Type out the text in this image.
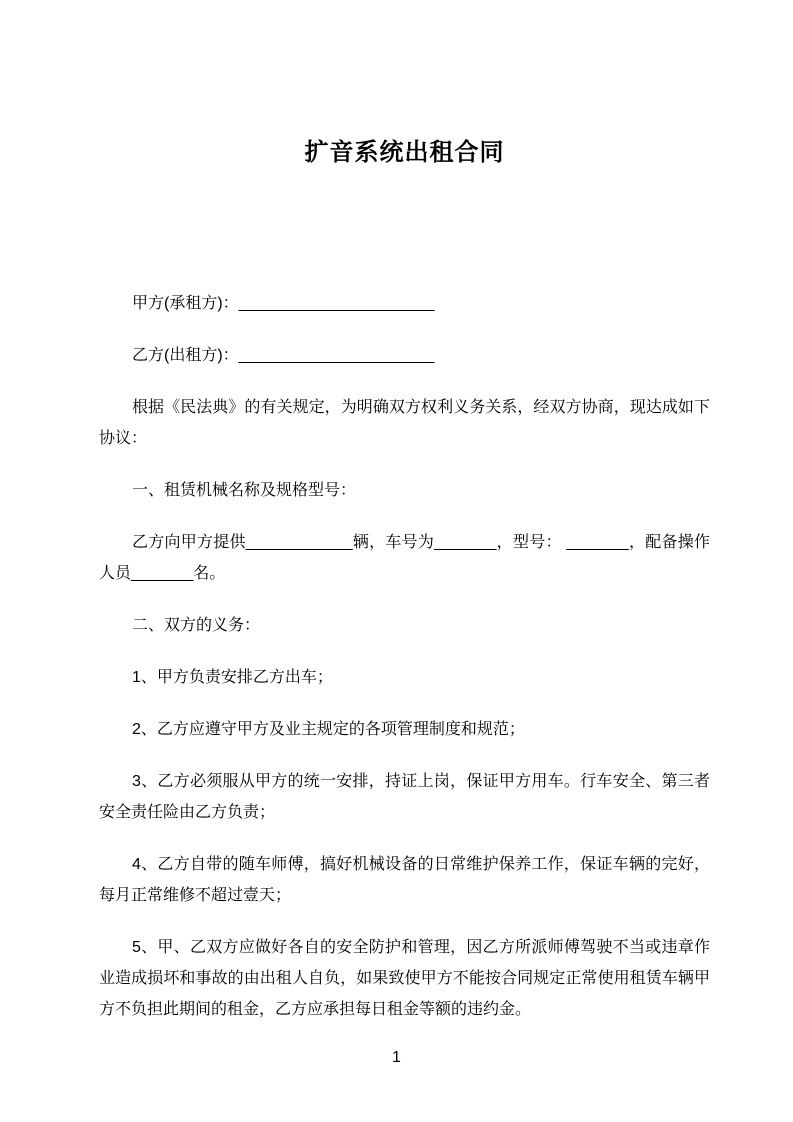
扩音系统出租合同

甲方(承租方)：______________________

乙方(出租方)：______________________

根据《民法典》的有关规定，为明确双方权利义务关系，经双方协商，现达成如下协议：

一、租赁机械名称及规格型号：

乙方向甲方提供____________辆，车号为_______，型号： _______，配备操作人员_______名。

二、双方的义务：

1、甲方负责安排乙方出车；

2、乙方应遵守甲方及业主规定的各项管理制度和规范；

3、乙方必须服从甲方的统一安排，持证上岗，保证甲方用车。行车安全、第三者安全责任险由乙方负责；

4、乙方自带的随车师傅，搞好机械设备的日常维护保养工作，保证车辆的完好，每月正常维修不超过壹天；

5、甲、乙双方应做好各自的安全防护和管理，因乙方所派师傅驾驶不当或违章作业造成损坏和事故的由出租人自负，如果致使甲方不能按合同规定正常使用租赁车辆甲方不负担此期间的租金，乙方应承担每日租金等额的违约金。

1
